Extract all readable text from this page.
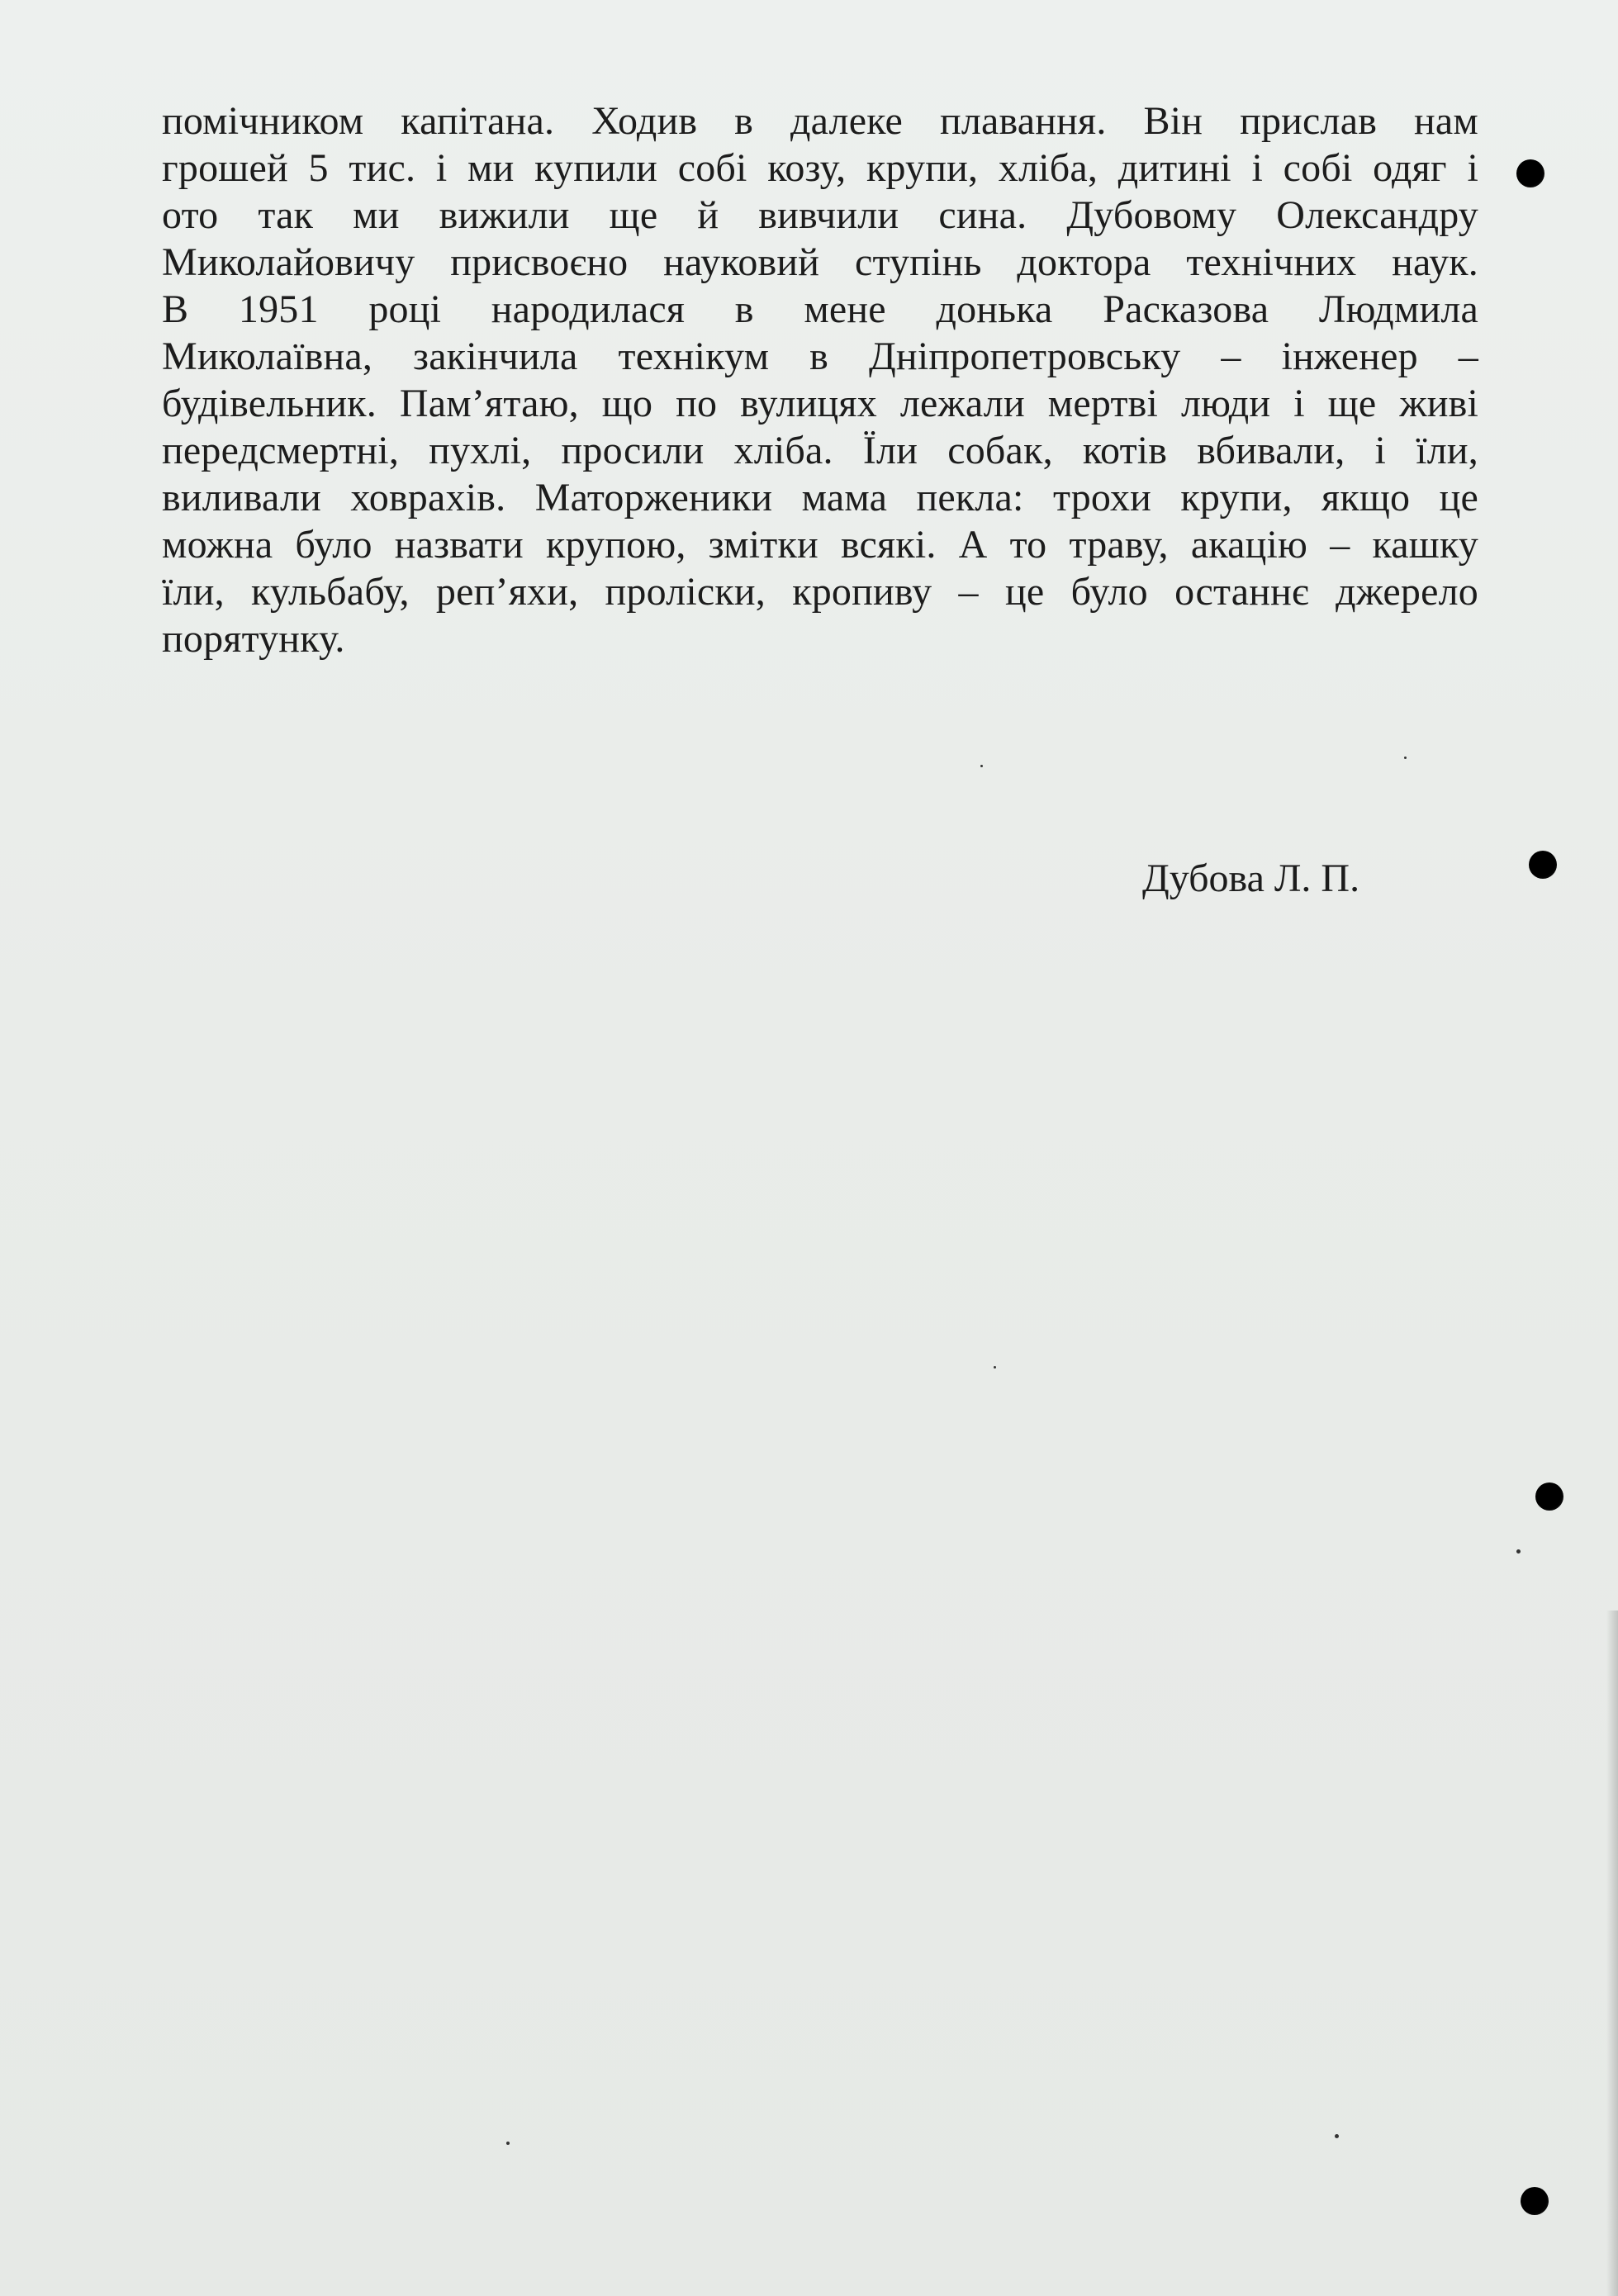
помічником капітана. Ходив в далеке плавання. Він прислав нам
грошей 5 тис. і ми купили собі козу, крупи, хліба, дитині і собі одяг і
ото так ми вижили ще й вивчили сина. Дубовому Олександру
Миколайовичу присвоєно науковий ступінь доктора технічних наук.
В 1951 році народилася в мене донька Расказова Людмила
Миколаївна, закінчила технікум в Дніпропетровську – інженер –
будівельник. Пам’ятаю, що по вулицях лежали мертві люди і ще живі
передсмертні, пухлі, просили хліба. Їли собак, котів вбивали, і їли,
виливали ховрахів. Маторженики мама пекла: трохи крупи, якщо це
можна було назвати крупою, змітки всякі. А то траву, акацію – кашку
їли, кульбабу, реп’яхи, проліски, кропиву – це було останнє джерело
порятунку.

Дубова Л. П.
